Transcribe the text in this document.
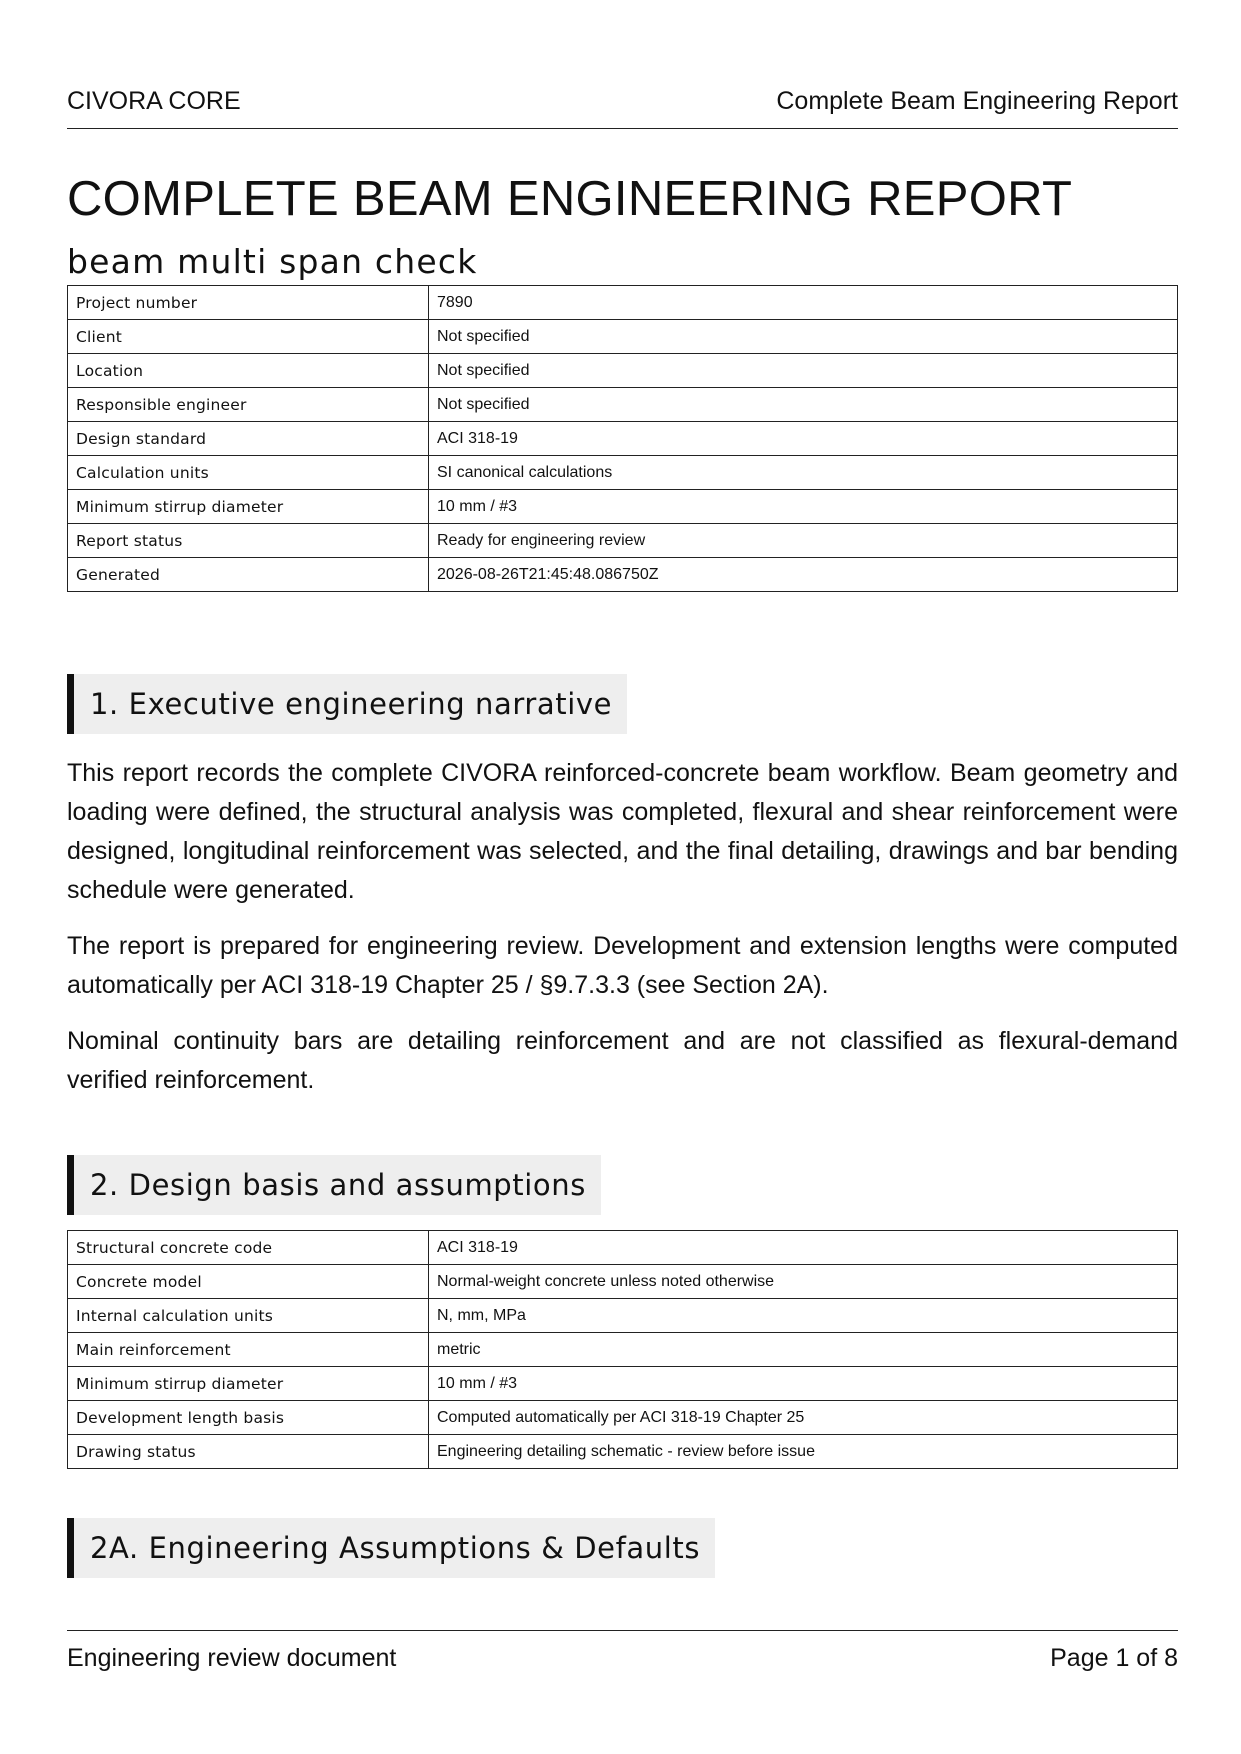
CIVORA CORE	Complete Beam Engineering Report
COMPLETE BEAM ENGINEERING REPORT
beam multi span check
Project number	7890
Client	Not specified
Location	Not specified
Responsible engineer	Not specified
Design standard	ACI 318-19
Calculation units	SI canonical calculations
Minimum stirrup diameter	10 mm / #3
Report status	Ready for engineering review
Generated	2026-08-26T21:45:48.086750Z
1. Executive engineering narrative

This report records the complete CIVORA reinforced-concrete beam workflow. Beam geometry and loading were defined, the structural analysis was completed, flexural and shear reinforcement were designed, longitudinal reinforcement was selected, and the final detailing, drawings and bar bending schedule were generated.

The report is prepared for engineering review. Development and extension lengths were computed automatically per ACI 318-19 Chapter 25 / §9.7.3.3 (see Section 2A).

Nominal continuity bars are detailing reinforcement and are not classified as flexural-demand verified reinforcement.

2. Design basis and assumptions
Structural concrete code	ACI 318-19
Concrete model	Normal-weight concrete unless noted otherwise
Internal calculation units	N, mm, MPa
Main reinforcement	metric
Minimum stirrup diameter	10 mm / #3
Development length basis	Computed automatically per ACI 318-19 Chapter 25
Drawing status	Engineering detailing schematic - review before issue
2A. Engineering Assumptions & Defaults
Engineering review document	Page 1 of 8
